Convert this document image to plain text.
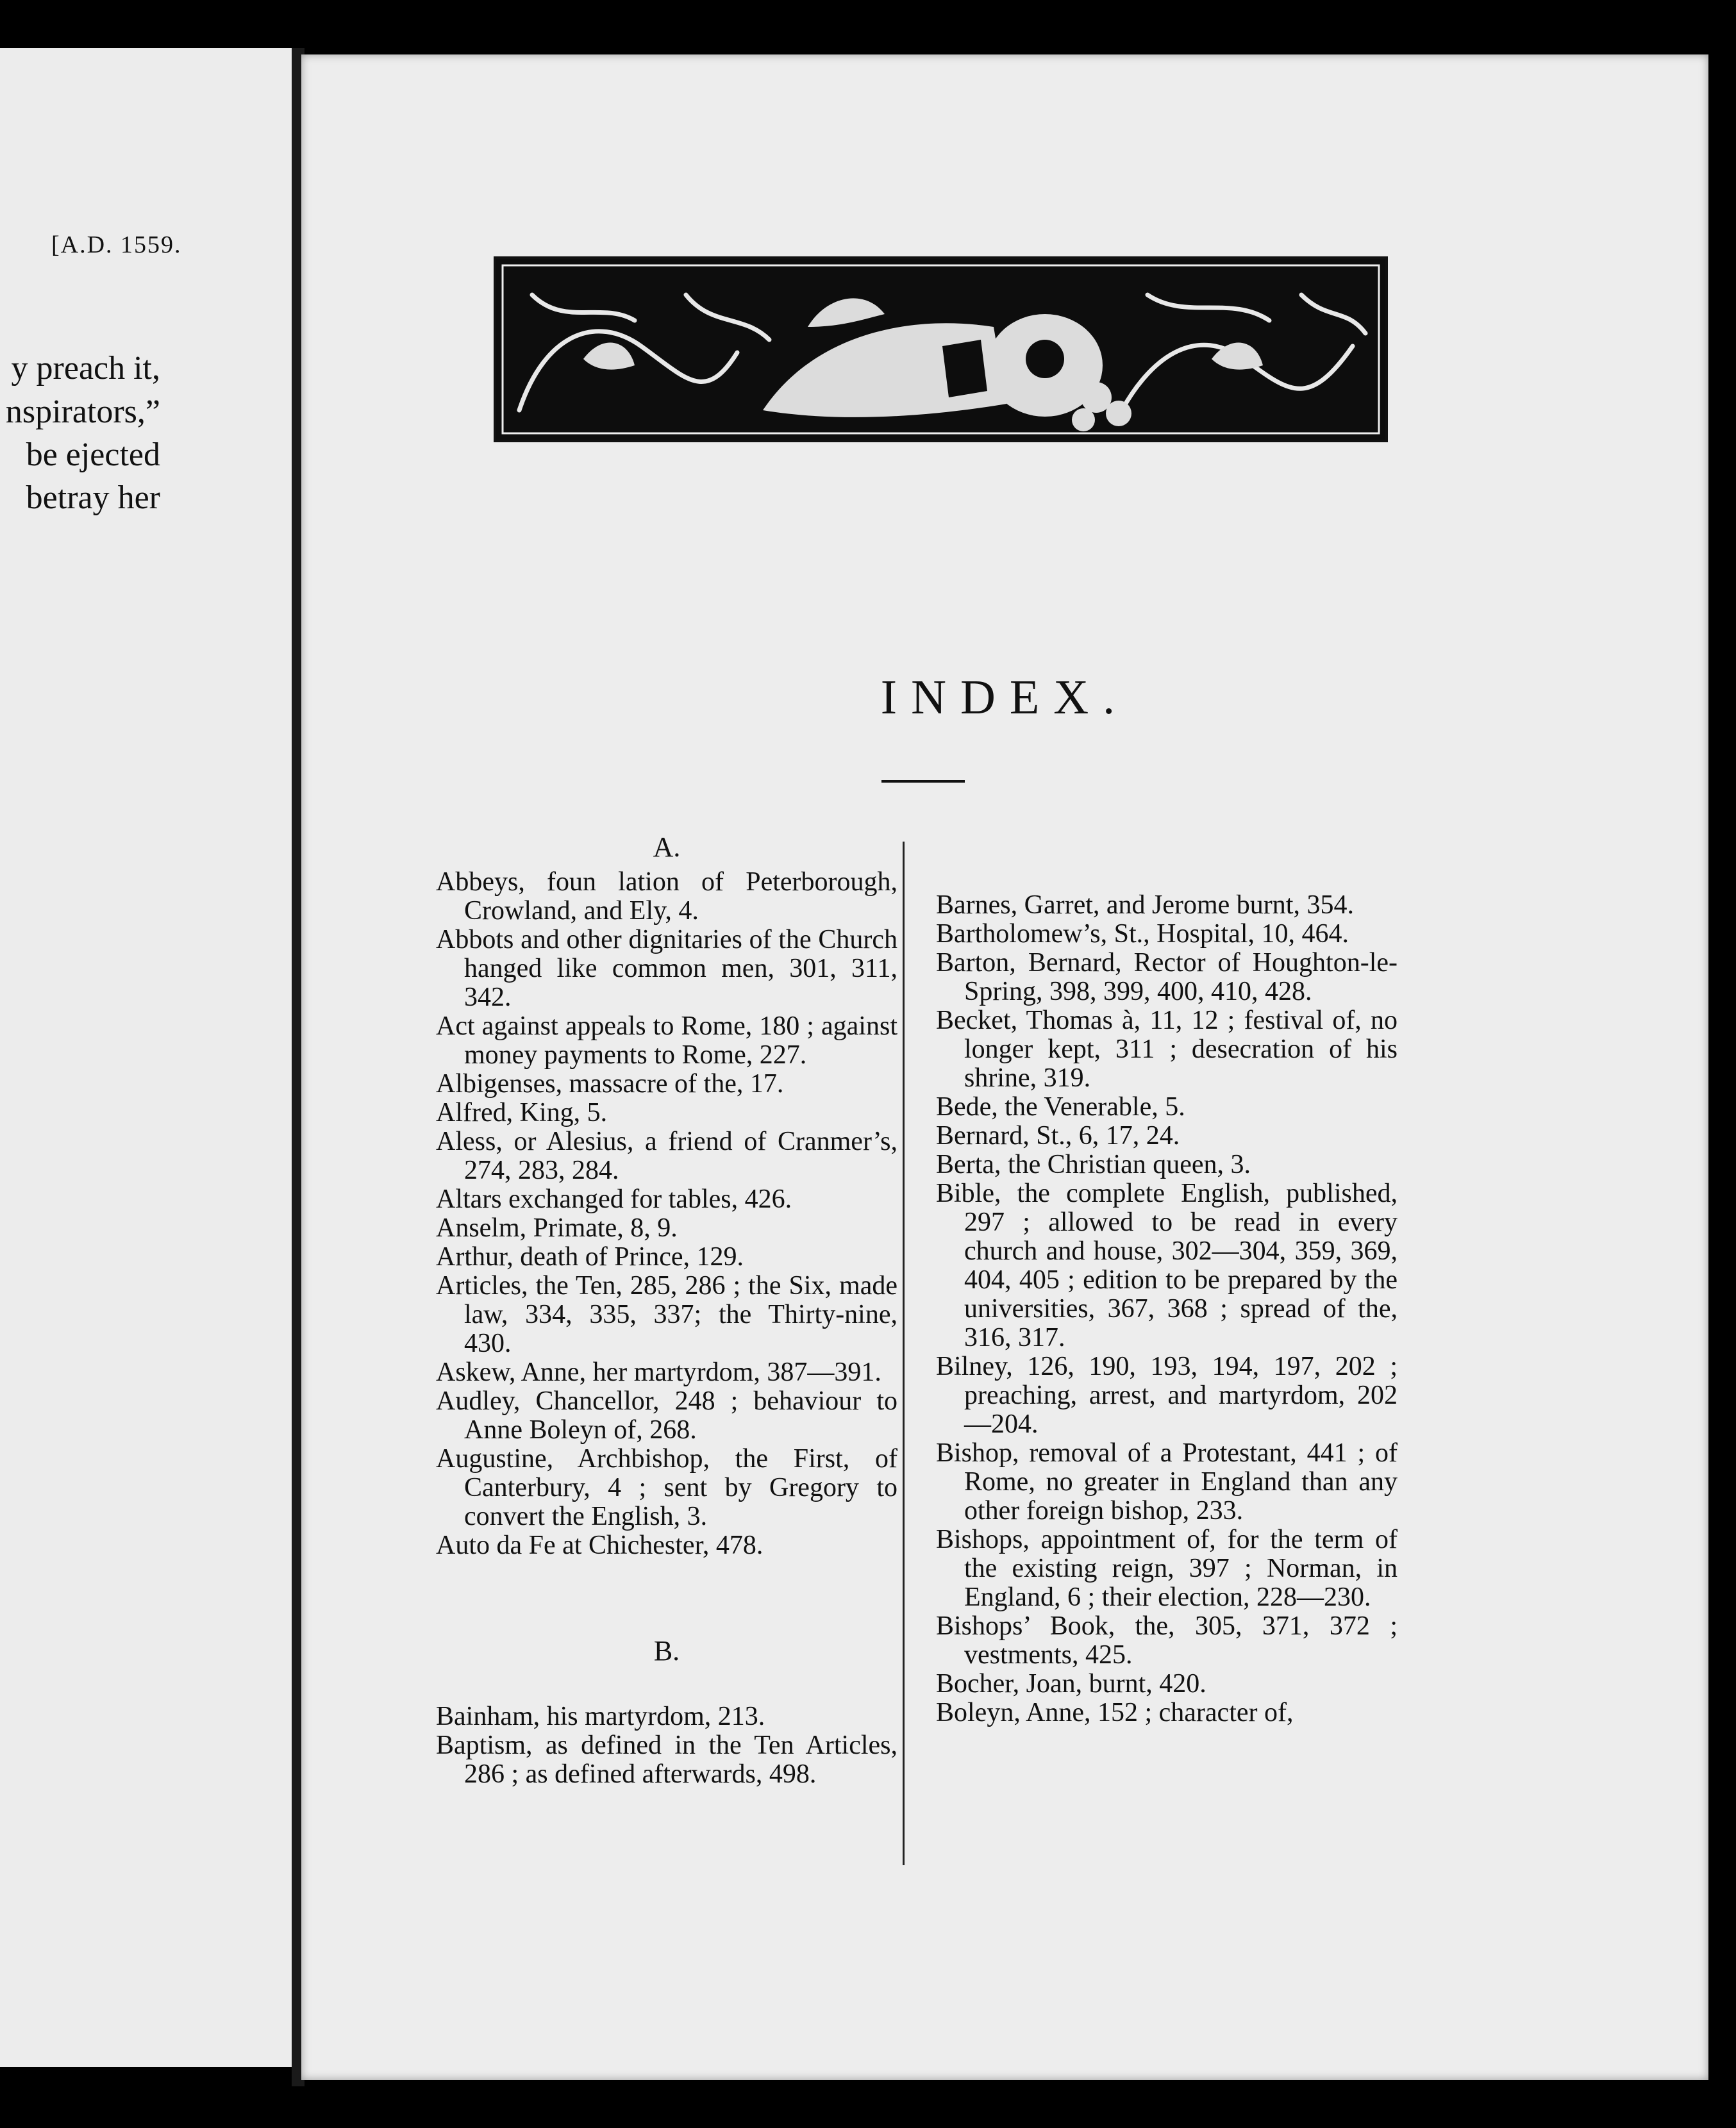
[A.D. 1559.
y preach it,
nspirators,”
be ejected
betray her
INDEX.
A.
Abbeys, foun lation of Peterborough, Crowland, and Ely, 4.
Abbots and other dignitaries of the Church hanged like common men, 301, 311, 342.
Act against appeals to Rome, 180 ; against money payments to Rome, 227.
Albigenses, massacre of the, 17.
Alfred, King, 5.
Aless, or Alesius, a friend of Cranmer’s, 274, 283, 284.
Altars exchanged for tables, 426.
Anselm, Primate, 8, 9.
Arthur, death of Prince, 129.
Articles, the Ten, 285, 286 ; the Six, made law, 334, 335, 337; the Thirty-nine, 430.
Askew, Anne, her martyrdom, 387—391.
Audley, Chancellor, 248 ; behaviour to Anne Boleyn of, 268.
Augustine, Archbishop, the First, of Canterbury, 4 ; sent by Gregory to convert the English, 3.
Auto da Fe at Chichester, 478.
B.
Bainham, his martyrdom, 213.
Baptism, as defined in the Ten Articles, 286 ; as defined afterwards, 498.
Barnes, Garret, and Jerome burnt, 354.
Bartholomew’s, St., Hospital, 10, 464.
Barton, Bernard, Rector of Houghton-le-Spring, 398, 399, 400, 410, 428.
Becket, Thomas à, 11, 12 ; festival of, no longer kept, 311 ; desecration of his shrine, 319.
Bede, the Venerable, 5.
Bernard, St., 6, 17, 24.
Berta, the Christian queen, 3.
Bible, the complete English, published, 297 ; allowed to be read in every church and house, 302—304, 359, 369, 404, 405 ; edition to be prepared by the universities, 367, 368 ; spread of the, 316, 317.
Bilney, 126, 190, 193, 194, 197, 202 ; preaching, arrest, and martyrdom, 202—204.
Bishop, removal of a Protestant, 441 ; of Rome, no greater in England than any other foreign bishop, 233.
Bishops, appointment of, for the term of the existing reign, 397 ; Norman, in England, 6 ; their election, 228—230.
Bishops’ Book, the, 305, 371, 372 ; vestments, 425.
Bocher, Joan, burnt, 420.
Boleyn, Anne, 152 ; character of,
